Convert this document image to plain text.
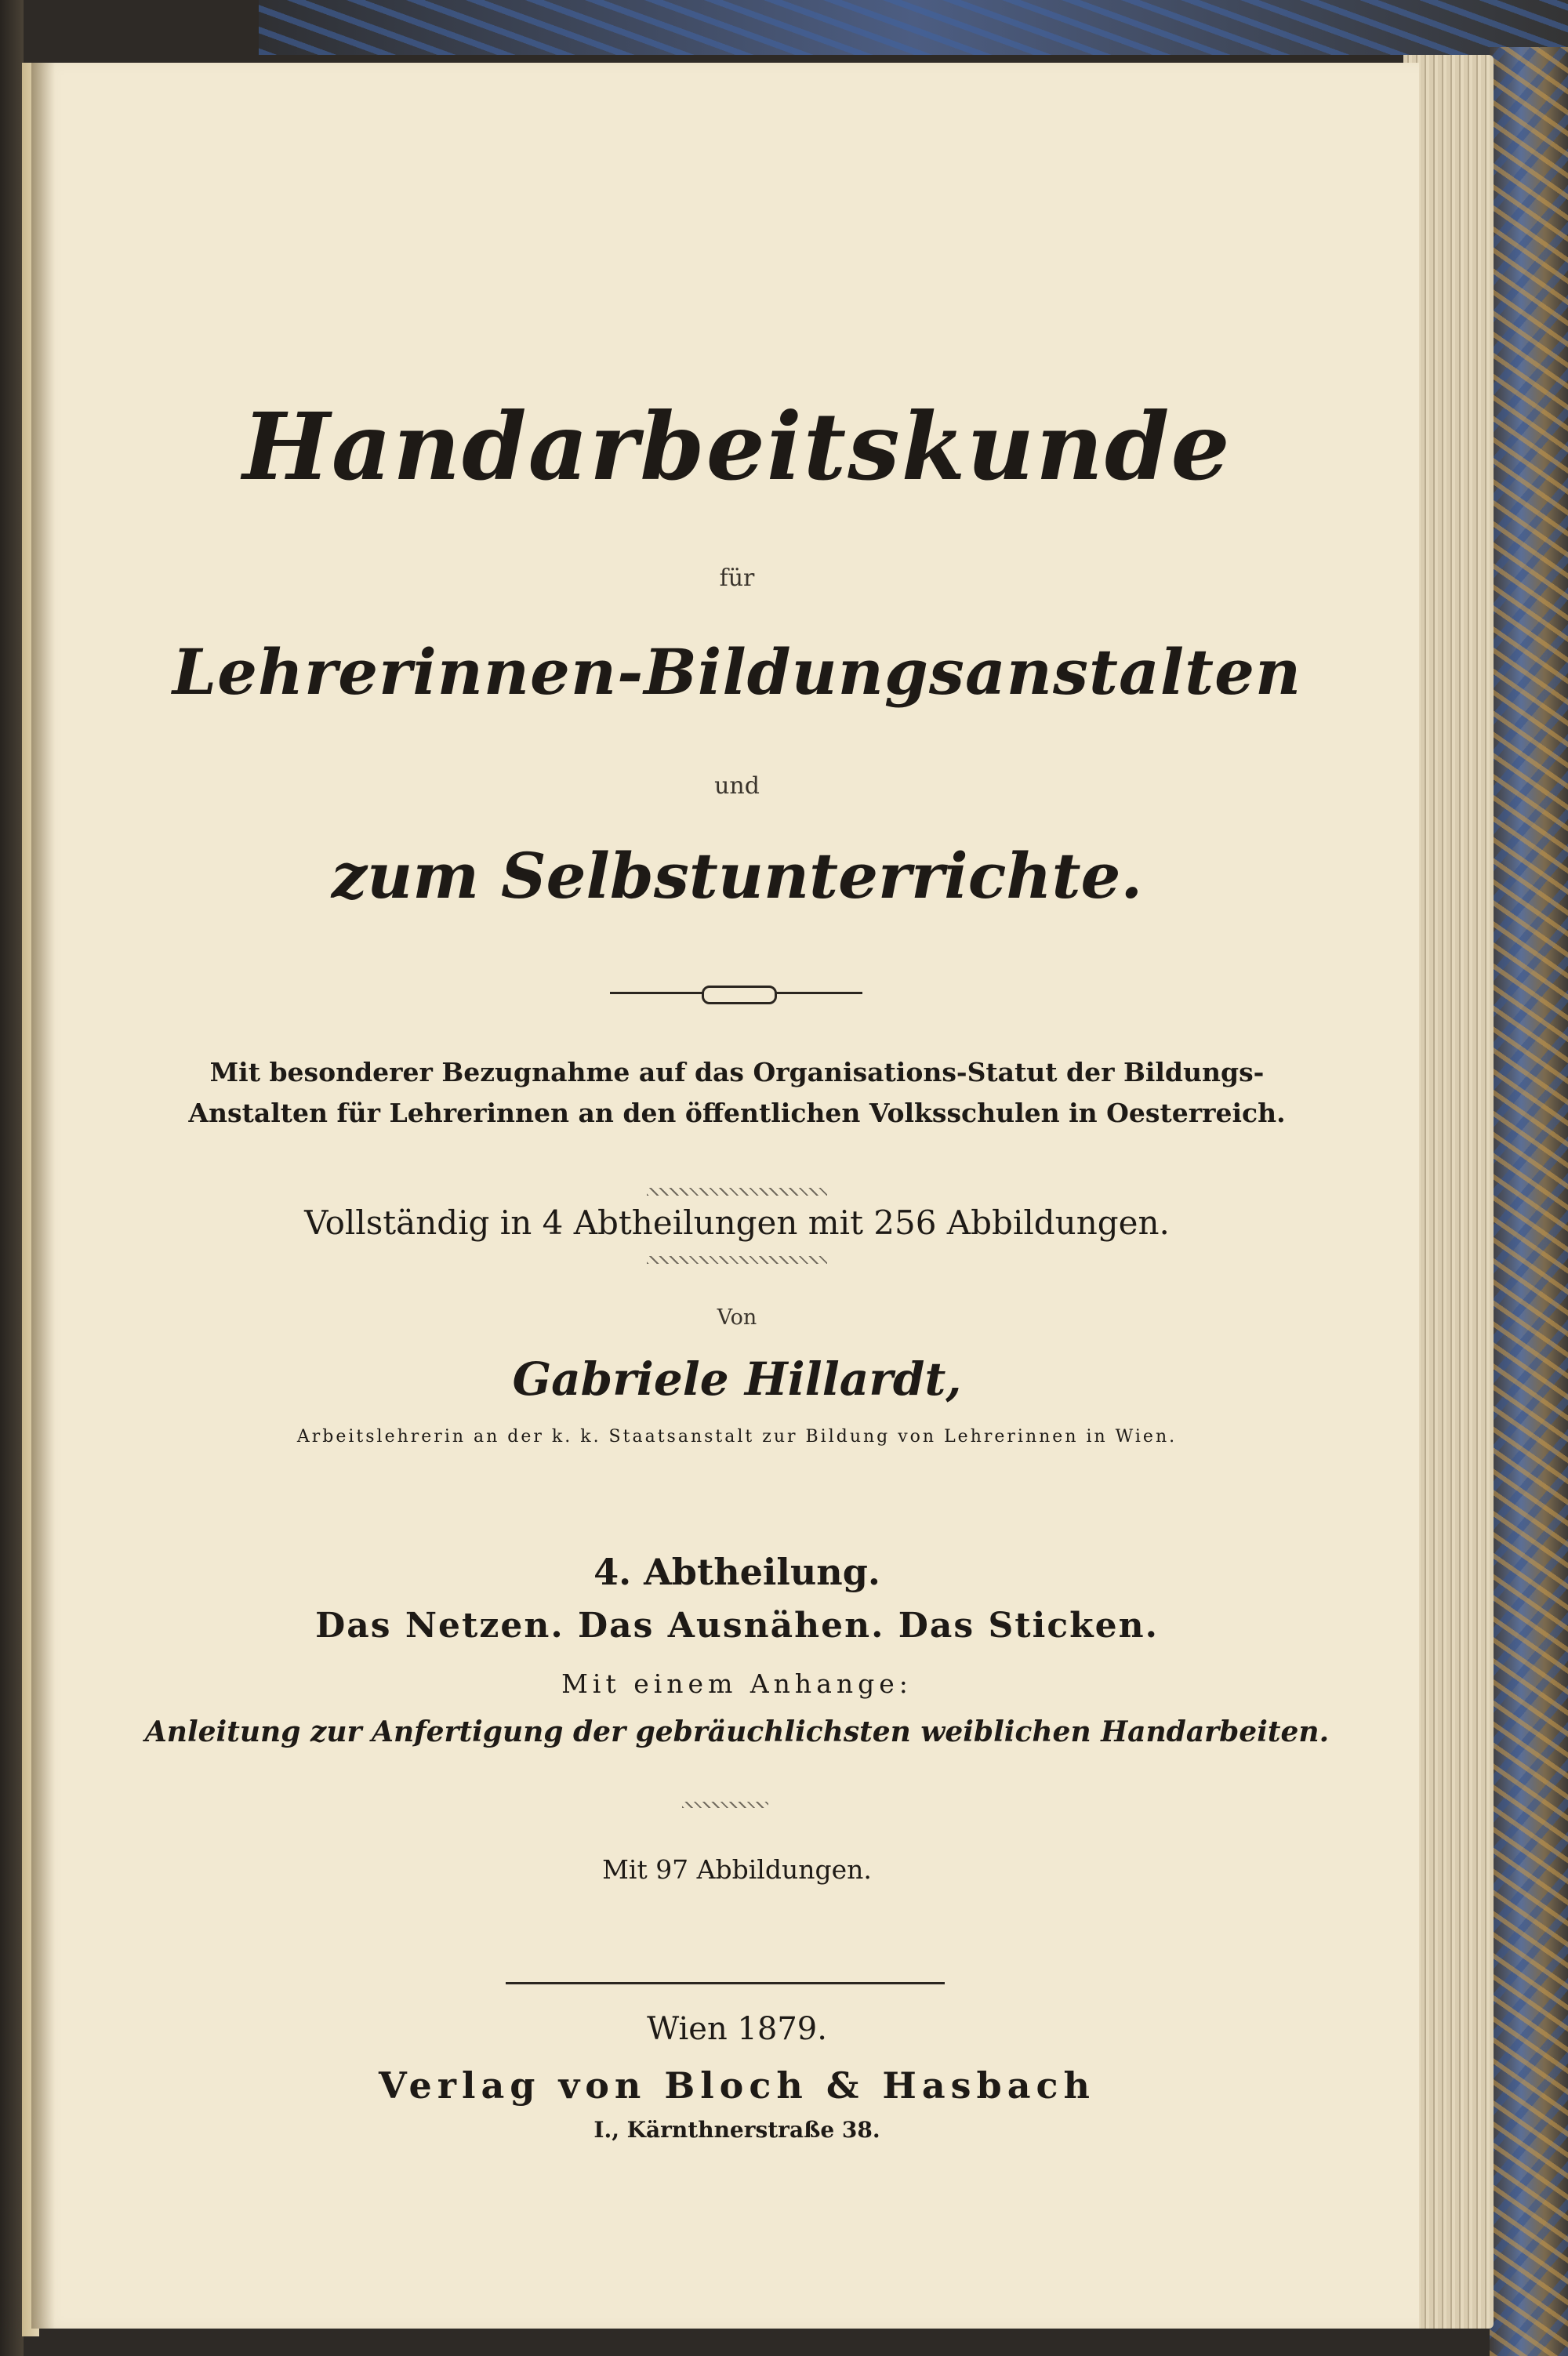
Handarbeitskunde
für
Lehrerinnen-Bildungsanstalten
und
zum Selbstunterrichte.
Mit besonderer Bezugnahme auf das Organisations-Statut der Bildungs-
Anstalten für Lehrerinnen an den öffentlichen Volksschulen in Oesterreich.
Vollständig in 4 Abtheilungen mit 256 Abbildungen.
Von
Gabriele Hillardt,
Arbeitslehrerin an der k. k. Staatsanstalt zur Bildung von Lehrerinnen in Wien.
4. Abtheilung.
Das Netzen. Das Ausnähen. Das Sticken.
Mit einem Anhange:
Anleitung zur Anfertigung der gebräuchlichsten weiblichen Handarbeiten.
Mit 97 Abbildungen.
Wien 1879.
Verlag von Bloch & Hasbach
I., Kärnthnerstraße 38.
